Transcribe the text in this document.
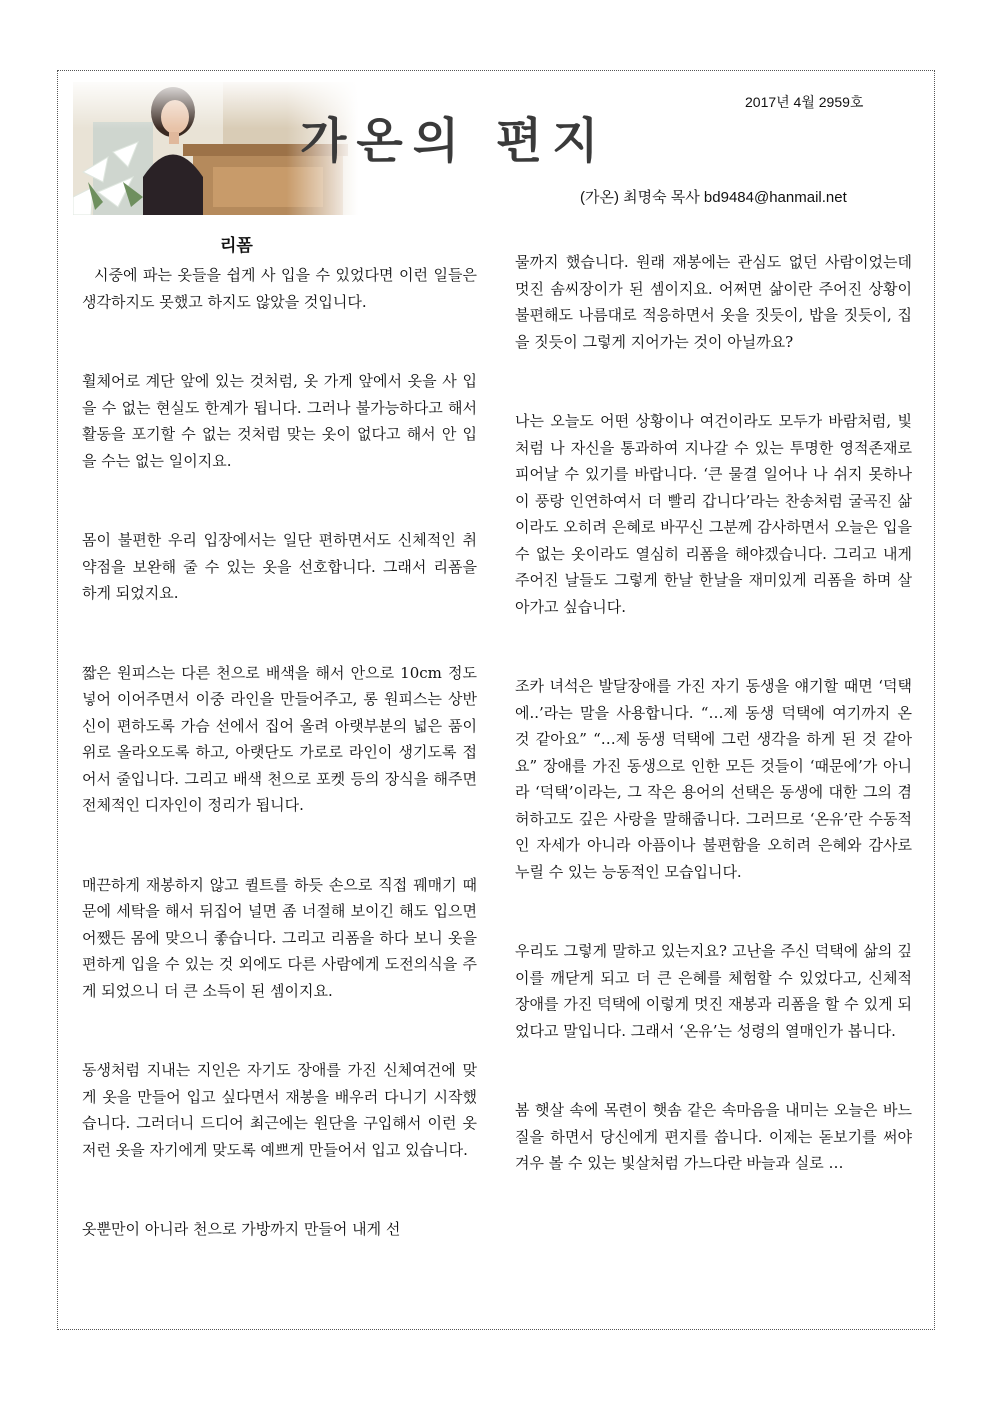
가온의 편지
2017년 4월 2959호
(가온) 최명숙 목사 bd9484@hanmail.net
리폼

시중에 파는 옷들을 쉽게 사 입을 수 있었다면 이런 일들은 생각하지도 못했고 하지도 않았을 것입니다.

휠체어로 계단 앞에 있는 것처럼, 옷 가게 앞에서 옷을 사 입을 수 없는 현실도 한계가 됩니다. 그러나 불가능하다고 해서 활동을 포기할 수 없는 것처럼 맞는 옷이 없다고 해서 안 입을 수는 없는 일이지요.

몸이 불편한 우리 입장에서는 일단 편하면서도 신체적인 취약점을 보완해 줄 수 있는 옷을 선호합니다. 그래서 리폼을 하게 되었지요.

짧은 원피스는 다른 천으로 배색을 해서 안으로 10cm 정도 넣어 이어주면서 이중 라인을 만들어주고, 롱 원피스는 상반신이 편하도록 가슴 선에서 집어 올려 아랫부분의 넓은 품이 위로 올라오도록 하고, 아랫단도 가로로 라인이 생기도록 접어서 줄입니다. 그리고 배색 천으로 포켓 등의 장식을 해주면 전체적인 디자인이 정리가 됩니다.

매끈하게 재봉하지 않고 퀼트를 하듯 손으로 직접 꿰매기 때문에 세탁을 해서 뒤집어 널면 좀 너절해 보이긴 해도 입으면 어쨌든 몸에 맞으니 좋습니다. 그리고 리폼을 하다 보니 옷을 편하게 입을 수 있는 것 외에도 다른 사람에게 도전의식을 주게 되었으니 더 큰 소득이 된 셈이지요.

동생처럼 지내는 지인은 자기도 장애를 가진 신체여건에 맞게 옷을 만들어 입고 싶다면서 재봉을 배우러 다니기 시작했습니다. 그러더니 드디어 최근에는 원단을 구입해서 이런 옷 저런 옷을 자기에게 맞도록 예쁘게 만들어서 입고 있습니다.

옷뿐만이 아니라 천으로 가방까지 만들어 내게 선

물까지 했습니다. 원래 재봉에는 관심도 없던 사람이었는데 멋진 솜씨장이가 된 셈이지요. 어쩌면 삶이란 주어진 상황이 불편해도 나름대로 적응하면서 옷을 짓듯이, 밥을 짓듯이, 집을 짓듯이 그렇게 지어가는 것이 아닐까요?

나는 오늘도 어떤 상황이나 여건이라도 모두가 바람처럼, 빛처럼 나 자신을 통과하여 지나갈 수 있는 투명한 영적존재로 피어날 수 있기를 바랍니다. ‘큰 물결 일어나 나 쉬지 못하나 이 풍랑 인연하여서 더 빨리 갑니다’라는 찬송처럼 굴곡진 삶이라도 오히려 은혜로 바꾸신 그분께 감사하면서 오늘은 입을 수 없는 옷이라도 열심히 리폼을 해야겠습니다. 그리고 내게 주어진 날들도 그렇게 한날 한날을 재미있게 리폼을 하며 살아가고 싶습니다.

조카 녀석은 발달장애를 가진 자기 동생을 얘기할 때면 ‘덕택에..’라는 말을 사용합니다. “…제 동생 덕택에 여기까지 온 것 같아요” “…제 동생 덕택에 그런 생각을 하게 된 것 같아요” 장애를 가진 동생으로 인한 모든 것들이 ‘때문에’가 아니라 ‘덕택’이라는, 그 작은 용어의 선택은 동생에 대한 그의 겸허하고도 깊은 사랑을 말해줍니다. 그러므로 ‘온유’란 수동적인 자세가 아니라 아픔이나 불편함을 오히려 은혜와 감사로 누릴 수 있는 능동적인 모습입니다.

우리도 그렇게 말하고 있는지요? 고난을 주신 덕택에 삶의 깊이를 깨닫게 되고 더 큰 은혜를 체험할 수 있었다고, 신체적 장애를 가진 덕택에 이렇게 멋진 재봉과 리폼을 할 수 있게 되었다고 말입니다. 그래서 ‘온유’는 성령의 열매인가 봅니다.

봄 햇살 속에 목련이 햇솜 같은 속마음을 내미는 오늘은 바느질을 하면서 당신에게 편지를 씁니다. 이제는 돋보기를 써야 겨우 볼 수 있는 빛살처럼 가느다란 바늘과 실로 …
